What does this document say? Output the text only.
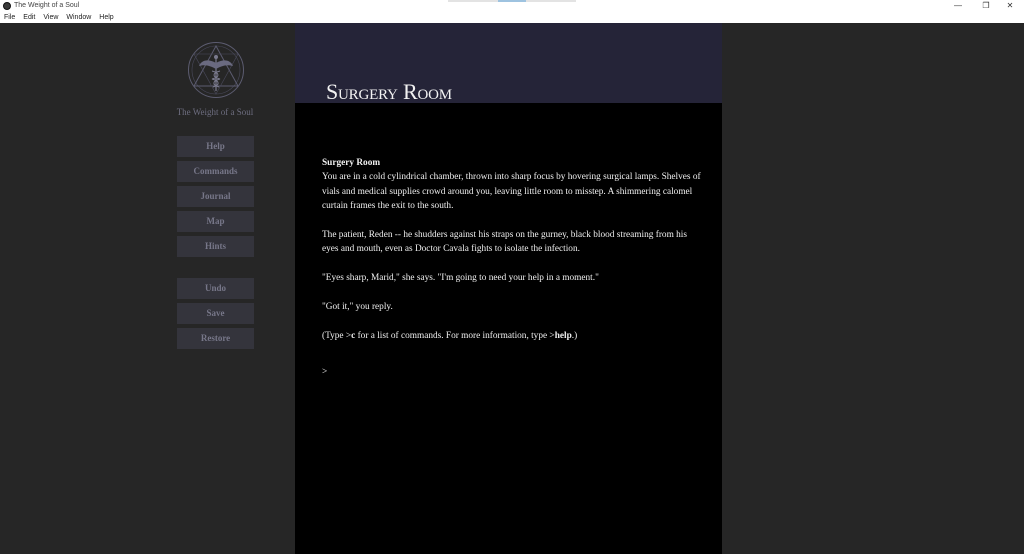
The Weight of a Soul	—	❐	✕
File Edit View Window Help
The Weight of a Soul
Help
Commands
Journal
Map
Hints
Undo
Save
Restore
Surgery Room

Surgery Room
You are in a cold cylindrical chamber, thrown into sharp focus by hovering surgical lamps. Shelves of vials and medical supplies crowd around you, leaving little room to misstep. A shimmering calomel curtain frames the exit to the south.

The patient, Reden -- he shudders against his straps on the gurney, black blood streaming from his eyes and mouth, even as Doctor Cavala fights to isolate the infection.

"Eyes sharp, Marid," she says. "I'm going to need your help in a moment."

"Got it," you reply.

(Type >c for a list of commands. For more information, type >help.)

>
